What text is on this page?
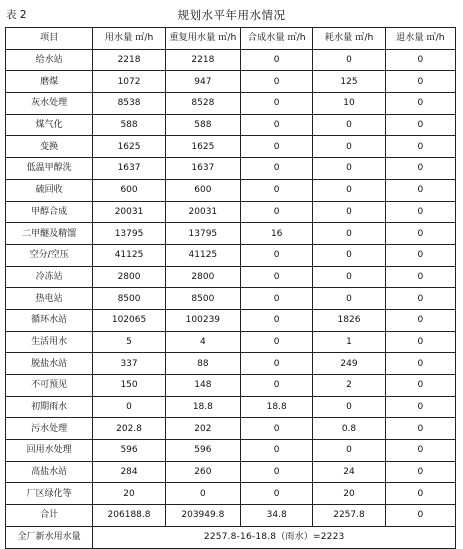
表 2	规划水平年用水情况
项目	用水量 ㎥/h	重复用水量 ㎥/h	合成水量 ㎥/h	耗水量 ㎥/h	退水量 ㎥/h
给水站	2218	2218	0	0	0
磨煤	1072	947	0	125	0
灰水处理	8538	8528	0	10	0
煤气化	588	588	0	0	0
变换	1625	1625	0	0	0
低温甲醇洗	1637	1637	0	0	0
硫回收	600	600	0	0	0
甲醇合成	20031	20031	0	0	0
二甲醚及精馏	13795	13795	16	0	0
空分/空压	41125	41125	0	0	0
冷冻站	2800	2800	0	0	0
热电站	8500	8500	0	0	0
循环水站	102065	100239	0	1826	0
生活用水	5	4	0	1	0
脱盐水站	337	88	0	249	0
不可预见	150	148	0	2	0
初期雨水	0	18.8	18.8	0	0
污水处理	202.8	202	0	0.8	0
回用水处理	596	596	0	0	0
高盐水站	284	260	0	24	0
厂区绿化等	20	0	0	20	0
合计	206188.8	203949.8	34.8	2257.8	0
全厂新水用水量	2257.8-16-18.8（雨水）=2223				
